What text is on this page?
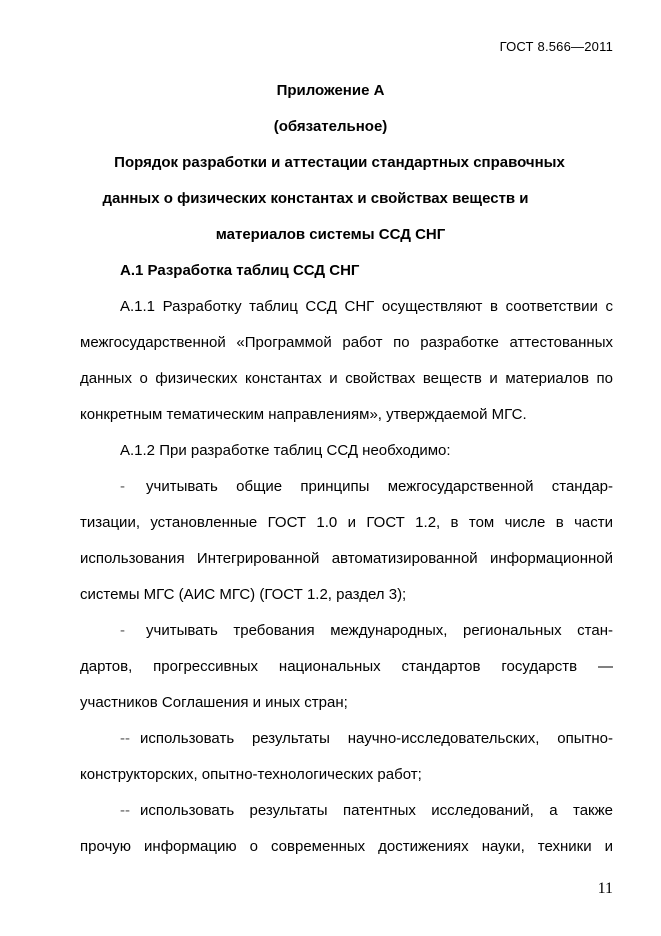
ГОСТ 8.566—2011
Приложение А
(обязательное)
Порядок разработки и аттестации стандартных справочных
данных о физических константах и свойствах веществ и
материалов системы ССД СНГ
А.1 Разработка таблиц ССД СНГ
А.1.1 Разработку таблиц ССД СНГ осуществляют в соответствии с
межгосударственной «Программой работ по разработке аттестованных
данных о физических константах и свойствах веществ и материалов по
конкретным тематическим направлениям», утверждаемой МГС.
А.1.2 При разработке таблиц ССД необходимо:
-	учитывать общие принципы межгосударственной стандар-
тизации, установленные ГОСТ 1.0 и ГОСТ 1.2, в том числе в части
использования Интегрированной автоматизированной информационной
системы МГС (АИС МГС) (ГОСТ 1.2, раздел 3);
-	учитывать требования международных, региональных стан-
дартов, прогрессивных национальных стандартов государств —
участников Соглашения и иных стран;
-- использовать результаты научно-исследовательских, опытно-
конструкторских, опытно-технологических работ;
-- использовать результаты патентных исследований, а также
прочую информацию о современных достижениях науки, техники и
11
